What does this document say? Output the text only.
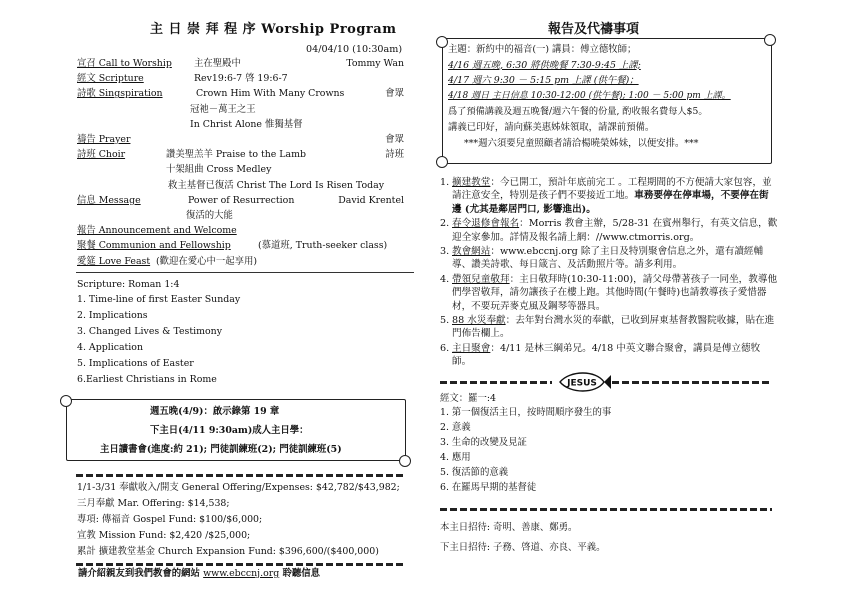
主 日 崇 拜 程 序 Worship Program
04/04/10 (10:30am)
宣召 Call to Worship 主在聖殿中	Tommy Wan
經文 Scripture	Rev19:6-7 啓 19:6-7
詩歌 Singspiration	Crown Him With Many Crowns	會眾
冠祂－萬王之王
In Christ Alone 惟獨基督
禱告 Prayer	會眾
詩班 Choir	讚美聖羔羊 Praise to the Lamb	詩班
十架組曲 Cross Medley
救主基督已復活 Christ The Lord Is Risen Today
信息 Message	Power of Resurrection	David Krentel
復活的大能
報告 Announcement and Welcome
聚餐 Communion and Fellowship	(慕道班, Truth-seeker class)
愛筵 Love Feast (歡迎在愛心中一起享用)
Scripture: Roman 1:4
1. Time-line of first Easter Sunday
2. Implications
3. Changed Lives & Testimony
4. Application
5. Implications of Easter
6.Earliest Christians in Rome
週五晚(4/9)：啟示錄第 19 章
下主日(4/11 9:30am)成人主日學：
主日讀書會(進度:約 21); 門徒訓練班(2); 門徒訓練班(5)
1/1-3/31 奉獻收入/開支 General Offering/Expenses: $42,782/$43,982;
三月奉獻 Mar. Offering: $14,538;
專項: 傳福音 Gospel Fund: $100/$6,000;
宣教 Mission Fund: $2,420 /$25,000;
累計 擴建教堂基金 Church Expansion Fund: $396,600/($400,000)
請介紹親友到我們教會的網站 www.ebccnj.org 聆聽信息
報告及代禱事項
主題：新約中的福音(一) 講員：傅立德牧師；
4/16 週五晚, 6:30 將供晚餐 7:30-9:45 上課;
4/17 週六 9:30 － 5:15 pm 上課 (供午餐)；
4/18 週日 主日信息 10:30-12:00 (供午餐); 1:00 － 5:00 pm 上課。
爲了預備講義及週五晚餐/週六午餐的份量, 酌收報名費每人$5。
講義已印好，請向蘇美惠姊妹領取，請課前預備。
***週六須要兒童照顧者請洽楊曉榮姊妹，以便安排。***
1. 擴建教堂：今已開工，預計年底前完工 。工程期間的不方便請大家包容，並請注意安全，特別是孩子們不要接近工地。車務要停在停車場，不要停在街邊 (尤其是鄰居門口, 影響進出)。
2. 春令退修會報名：Morris 教會主辦，5/28-31 在賓州舉行，有英文信息，歡迎全家參加。詳情及報名請上網：//www.ctmorris.org。
3. 教會網站：www.ebccnj.org 除了主日及特別聚會信息之外，還有讀經輔導、讚美詩歌、每日箴言、及活動照片等。請多利用。
4. 帶領兒童敬拜：主日敬拜時(10:30-11:00)，請父母帶著孩子一同坐，教導他們學習敬拜，請勿讓孩子在樓上跑。其他時間(午餐時)也請教導孩子愛惜器材，不要玩弄麥克風及鋼琴等器具。
5. 88 水災奉獻：去年對台灣水災的奉獻，已收到屏東基督教醫院收據，貼在進門佈告欄上。
6. 主日聚會：4/11 是林三綱弟兄。4/18 中英文聯合聚會，講員是傅立德牧師。
JESUS
經文：羅一:4
1. 第一個復活主日，按時間順序發生的事
2. 意義
3. 生命的改變及見証
4. 應用
5. 復活節的意義
6. 在羅馬早期的基督徒
本主日招待: 奇明、善康、鄭勇。
下主日招待: 子務、啓道、亦良、平義。
